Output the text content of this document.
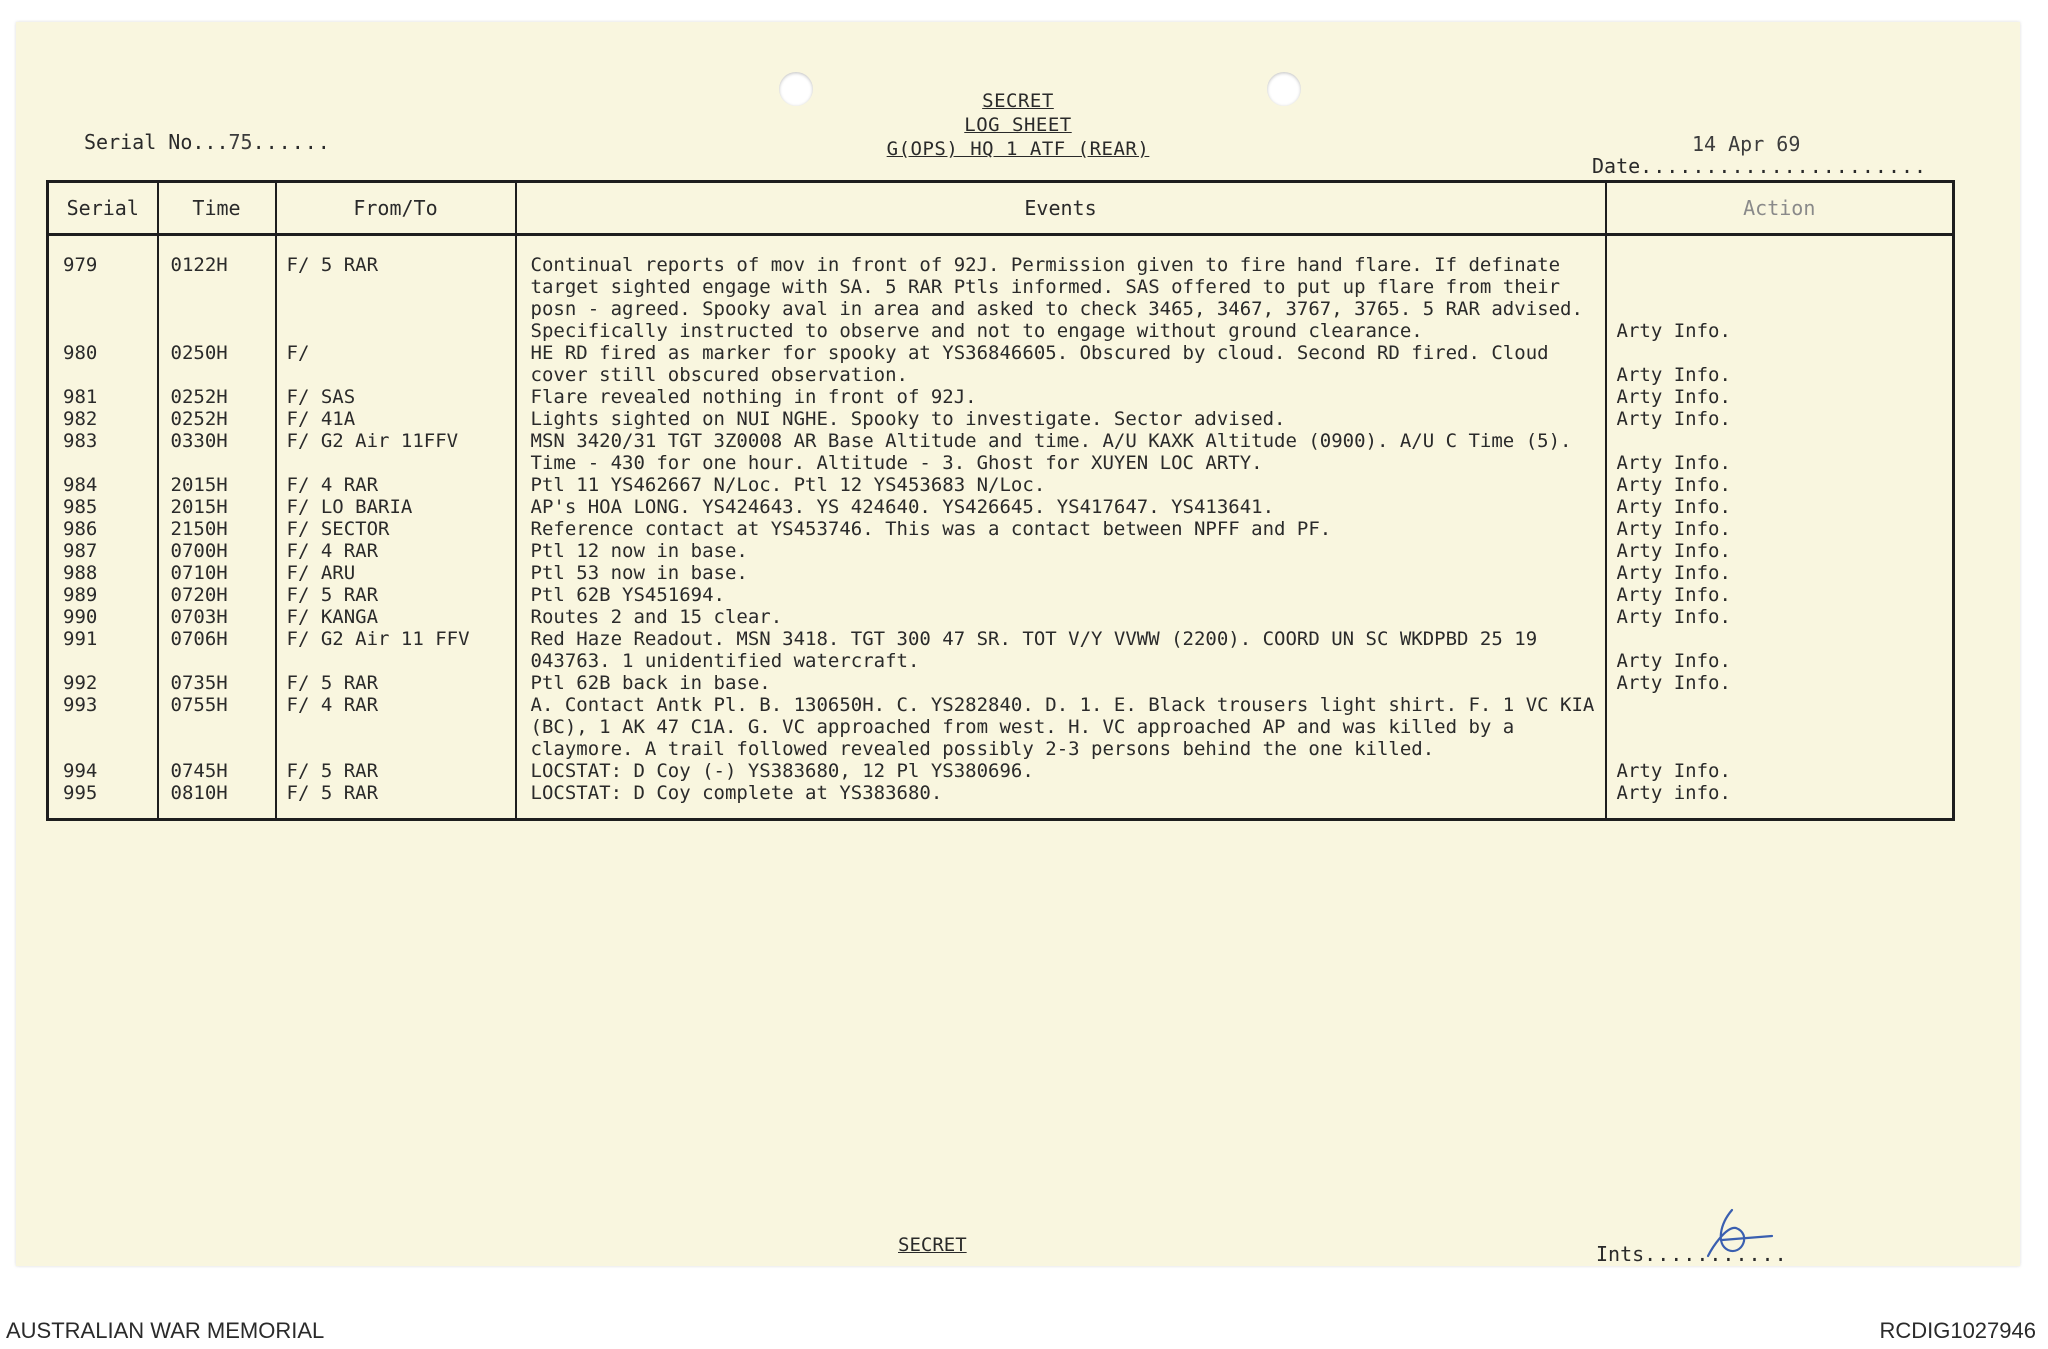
SECRET
LOG SHEET
G(OPS) HQ 1 ATF (REAR)
Serial No...75......	14 Apr 69
Date......................
Serial	Time	From/To	Events	Action
979	0122H	F/ 5 RAR	Continual reports of mov in front of 92J. Permission given to fire hand flare. If definate target sighted engage with SA. 5 RAR Ptls informed. SAS offered to put up flare from their posn - agreed. Spooky aval in area and asked to check 3465, 3467, 3767, 3765. 5 RAR advised. Specifically instructed to observe and not to engage without ground clearance.	Arty Info.
980	0250H	F/	HE RD fired as marker for spooky at YS36846605. Obscured by cloud. Second RD fired. Cloud cover still obscured observation.	Arty Info.
981	0252H	F/ SAS	Flare revealed nothing in front of 92J.	Arty Info.
982	0252H	F/ 41A	Lights sighted on NUI NGHE. Spooky to investigate. Sector advised.	Arty Info.
983	0330H	F/ G2 Air 11FFV	MSN 3420/31 TGT 3Z0008 AR Base Altitude and time. A/U KAXK Altitude (0900). A/U C Time (5). Time - 430 for one hour. Altitude - 3. Ghost for XUYEN LOC ARTY.	Arty Info.
984	2015H	F/ 4 RAR	Ptl 11 YS462667 N/Loc. Ptl 12 YS453683 N/Loc.	Arty Info.
985	2015H	F/ LO BARIA	AP's HOA LONG. YS424643. YS 424640. YS426645. YS417647. YS413641.	Arty Info.
986	2150H	F/ SECTOR	Reference contact at YS453746. This was a contact between NPFF and PF.	Arty Info.
987	0700H	F/ 4 RAR	Ptl 12 now in base.	Arty Info.
988	0710H	F/ ARU	Ptl 53 now in base.	Arty Info.
989	0720H	F/ 5 RAR	Ptl 62B YS451694.	Arty Info.
990	0703H	F/ KANGA	Routes 2 and 15 clear.	Arty Info.
991	0706H	F/ G2 Air 11 FFV	Red Haze Readout. MSN 3418. TGT 300 47 SR. TOT V/Y VVWW (2200). COORD UN SC WKDPBD 25 19 043763. 1 unidentified watercraft.	Arty Info.
992	0735H	F/ 5 RAR	Ptl 62B back in base.	Arty Info.
993	0755H	F/ 4 RAR	A. Contact Antk Pl. B. 130650H. C. YS282840. D. 1. E. Black trousers light shirt. F. 1 VC KIA (BC), 1 AK 47 C1A. G. VC approached from west. H. VC approached AP and was killed by a claymore. A trail followed revealed possibly 2-3 persons behind the one killed.	
994	0745H	F/ 5 RAR	LOCSTAT: D Coy (-) YS383680, 12 Pl YS380696.	Arty Info.
995	0810H	F/ 5 RAR	LOCSTAT: D Coy complete at YS383680.	Arty info.
SECRET	Ints...........
AUSTRALIAN WAR MEMORIAL	RCDIG1027946
